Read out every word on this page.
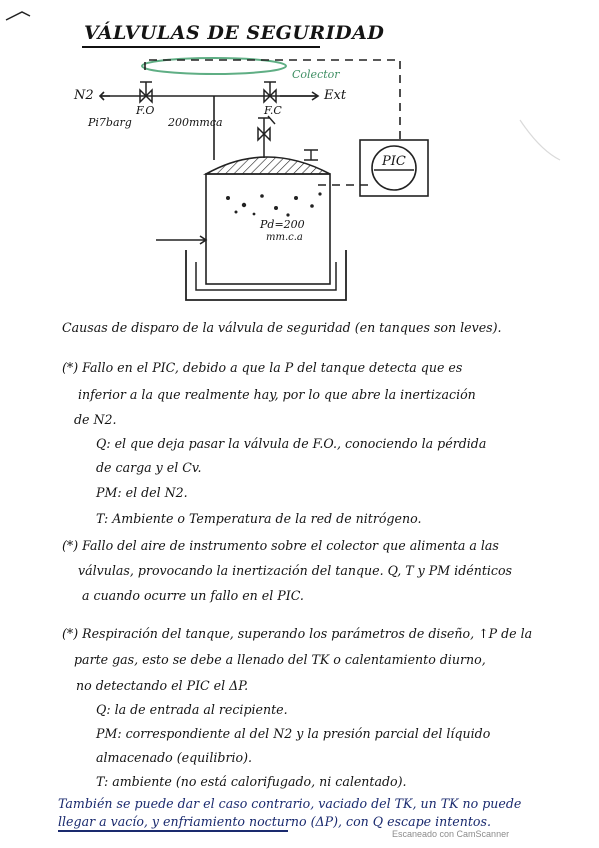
VÁLVULAS DE SEGURIDAD
N2
F.O	F.C
Ext
Pi7barg	200mmca
Colector
PIC
Pd=200
mm.c.a
Causas de disparo de la válvula de seguridad (en tanques son leves).
(*) Fallo en el PIC, debido a que la P del tanque detecta que es
inferior a la que realmente hay, por lo que abre la inertización
de N2.
Q: el que deja pasar la válvula de F.O., conociendo la pérdida
de carga y el Cv.
PM: el del N2.
T: Ambiente o Temperatura de la red de nitrógeno.
(*) Fallo del aire de instrumento sobre el colector que alimenta a las
válvulas, provocando la inertización del tanque. Q, T y PM idénticos
a cuando ocurre un fallo en el PIC.
(*) Respiración del tanque, superando los parámetros de diseño, ↑P de la
parte gas, esto se debe a llenado del TK o calentamiento diurno,
no detectando el PIC el ΔP.
Q: la de entrada al recipiente.
PM: correspondiente al del N2 y la presión parcial del líquido
almacenado (equilibrio).
T: ambiente (no está calorifugado, ni calentado).
También se puede dar el caso contrario, vaciado del TK, un TK no puede
llegar a vacío, y enfriamiento nocturno (ΔP), con Q escape intentos.
Escaneado con CamScanner
